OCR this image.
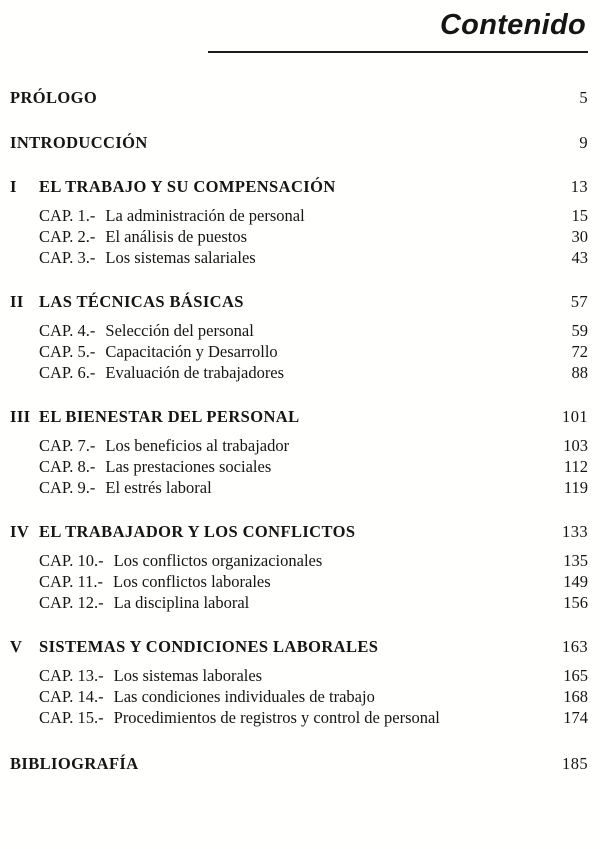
Contenido
PRÓLOGO	5
INTRODUCCIÓN	9
I	EL TRABAJO Y SU COMPENSACIÓN	13
CAP. 1.- La administración de personal	15
CAP. 2.- El análisis de puestos	30
CAP. 3.- Los sistemas salariales	43
II LAS TÉCNICAS BÁSICAS	57
CAP. 4.- Selección del personal	59
CAP. 5.- Capacitación y Desarrollo	72
CAP. 6.- Evaluación de trabajadores	88
III EL BIENESTAR DEL PERSONAL	101
CAP. 7.- Los beneficios al trabajador	103
CAP. 8.- Las prestaciones sociales	112
CAP. 9.- El estrés laboral	119
IV EL TRABAJADOR Y LOS CONFLICTOS	133
CAP. 10.- Los conflictos organizacionales	135
CAP. 11.- Los conflictos laborales	149
CAP. 12.- La disciplina laboral	156
V	SISTEMAS Y CONDICIONES LABORALES	163
CAP. 13.- Los sistemas laborales	165
CAP. 14.- Las condiciones individuales de trabajo	168
CAP. 15.- Procedimientos de registros y control de personal	174
BIBLIOGRAFÍA	185
